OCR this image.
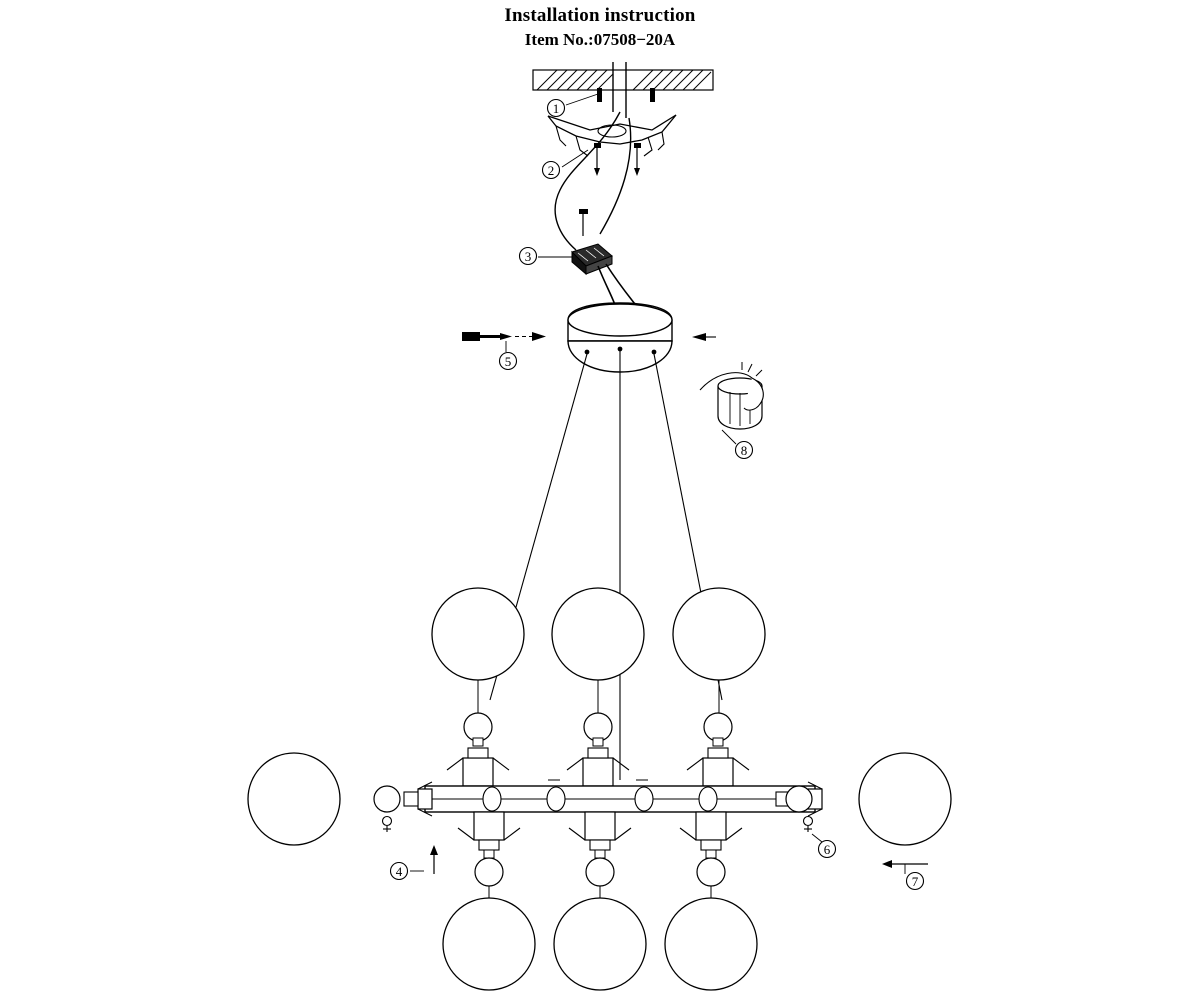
Installation instruction
Item No.:07508−20A
1
2
3
4
5
6
7
8
